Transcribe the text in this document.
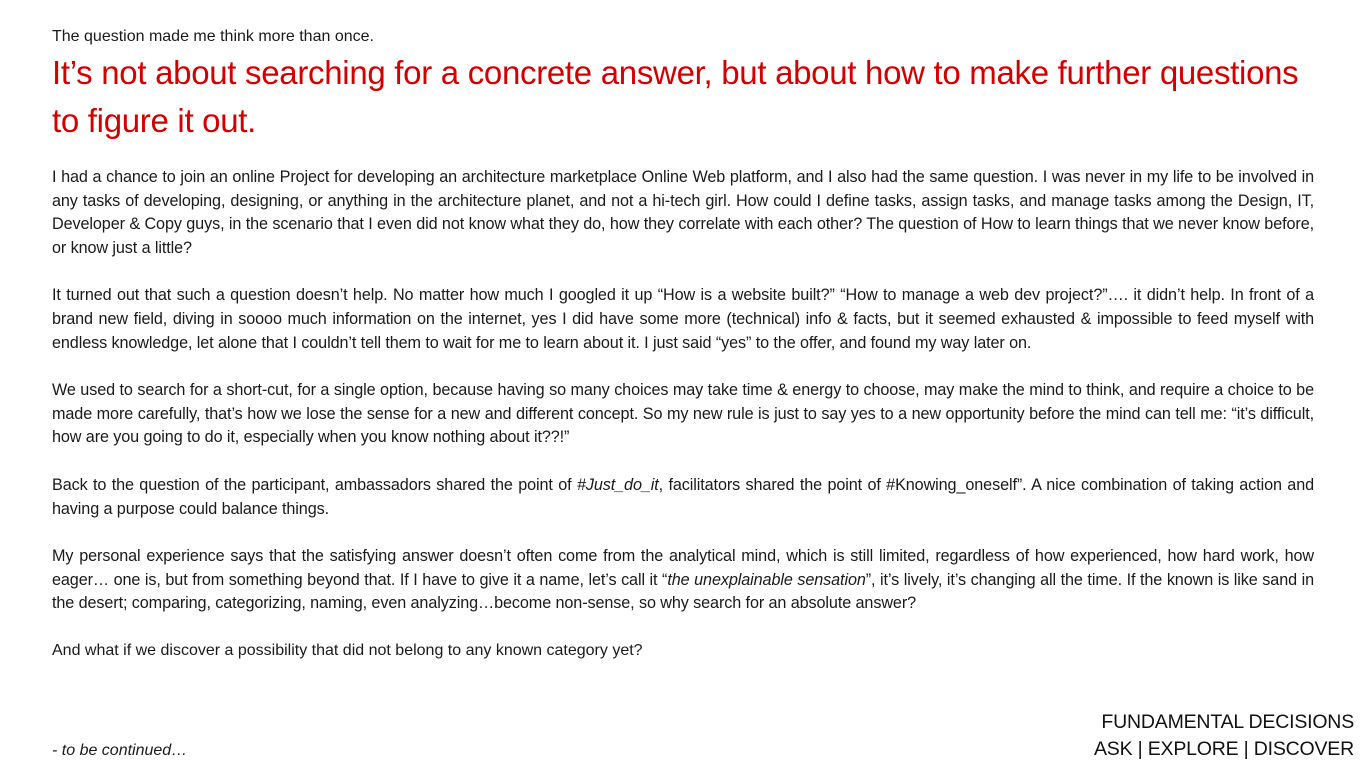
The question made me think more than once.

It’s not about searching for a concrete answer, but about how to make further questions to figure it out.

I had a chance to join an online Project for developing an architecture marketplace Online Web platform, and I also had the same question. I was never in my life to be involved in any tasks of developing, designing, or anything in the architecture planet, and not a hi-tech girl. How could I define tasks, assign tasks, and manage tasks among the Design, IT, Developer & Copy guys, in the scenario that I even did not know what they do, how they correlate with each other? The question of How to learn things that we never know before, or know just a little?

It turned out that such a question doesn’t help. No matter how much I googled it up “How is a website built?” “How to manage a web dev project?”…. it didn’t help. In front of a brand new field, diving in soooo much information on the internet, yes I did have some more (technical) info & facts, but it seemed exhausted & impossible to feed myself with endless knowledge, let alone that I couldn’t tell them to wait for me to learn about it. I just said “yes” to the offer, and found my way later on.

We used to search for a short-cut, for a single option, because having so many choices may take time & energy to choose, may make the mind to think, and require a choice to be made more carefully, that’s how we lose the sense for a new and different concept. So my new rule is just to say yes to a new opportunity before the mind can tell me: “it’s difficult, how are you going to do it, especially when you know nothing about it??!”

Back to the question of the participant, ambassadors shared the point of #Just_do_it, facilitators shared the point of #Knowing_oneself”. A nice combination of taking action and having a purpose could balance things.

My personal experience says that the satisfying answer doesn’t often come from the analytical mind, which is still limited, regardless of how experienced, how hard work, how eager… one is, but from something beyond that. If I have to give it a name, let’s call it “the unexplainable sensation”, it’s lively, it’s changing all the time. If the known is like sand in the desert; comparing, categorizing, naming, even analyzing…become non-sense, so why search for an absolute answer?

And what if we discover a possibility that did not belong to any known category yet?

- to be continued…

FUNDAMENTAL DECISIONS
ASK | EXPLORE | DISCOVER
